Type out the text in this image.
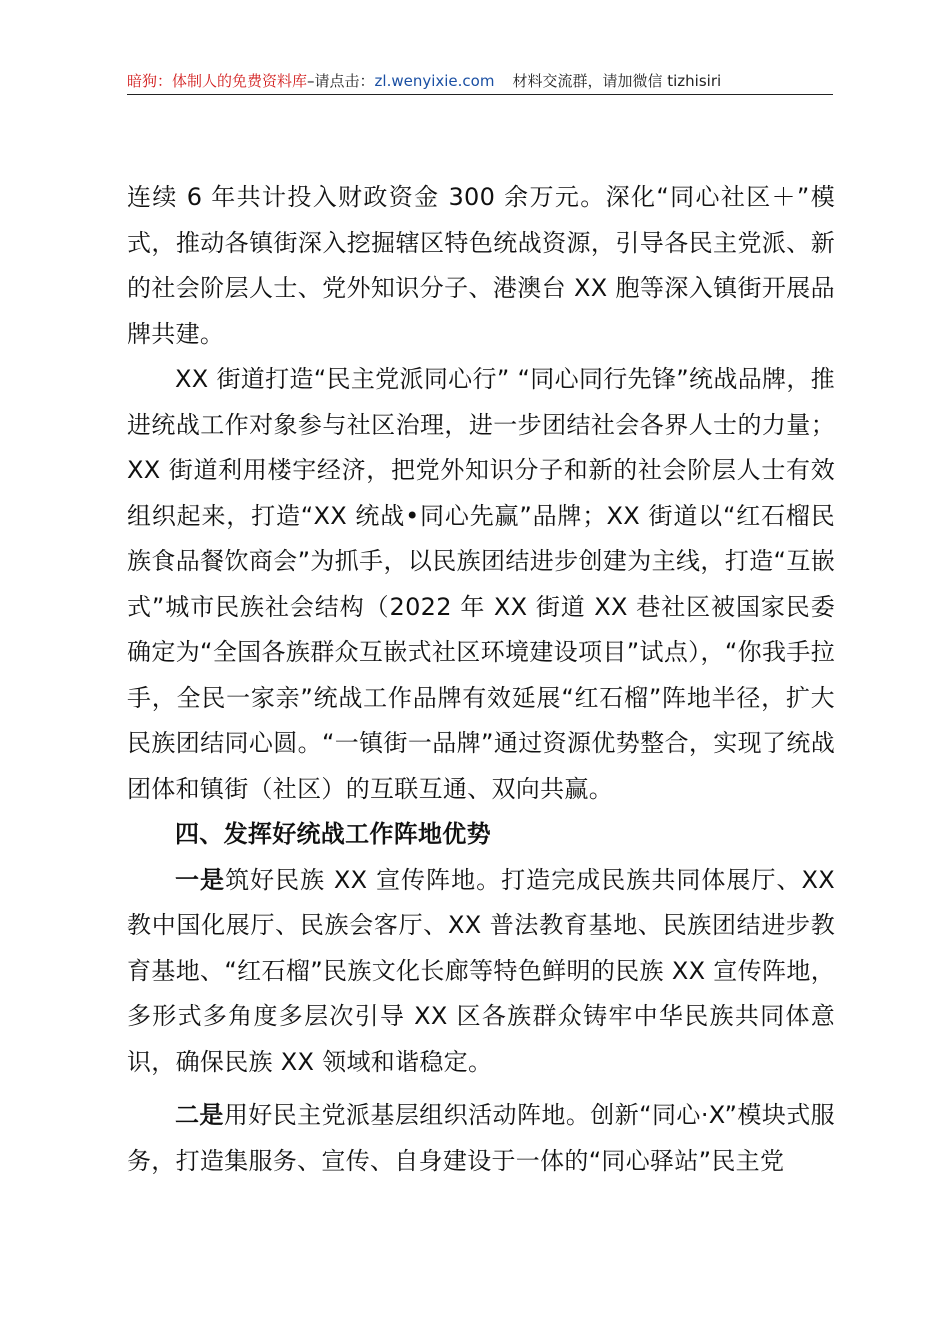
暗狗：体制人的免费资料库–请点击：zl.wenyixie.com 材料交流群，请加微信 tizhisiri

连续 6 年共计投入财政资金 300 余万元。深化“同心社区＋”模式，推动各镇街深入挖掘辖区特色统战资源，引导各民主党派、新的社会阶层人士、党外知识分子、港澳台 XX 胞等深入镇街开展品牌共建。

XX 街道打造“民主党派同心行” “同心同行先锋”统战品牌，推进统战工作对象参与社区治理，进一步团结社会各界人士的力量；XX 街道利用楼宇经济，把党外知识分子和新的社会阶层人士有效组织起来，打造“XX 统战•同心先赢”品牌；XX 街道以“红石榴民族食品餐饮商会”为抓手，以民族团结进步创建为主线，打造“互嵌式”城市民族社会结构（2022 年 XX 街道 XX 巷社区被国家民委确定为“全国各族群众互嵌式社区环境建设项目”试点），“你我手拉手，全民一家亲”统战工作品牌有效延展“红石榴”阵地半径，扩大民族团结同心圆。“一镇街一品牌”通过资源优势整合，实现了统战团体和镇街（社区）的互联互通、双向共赢。

四、发挥好统战工作阵地优势

一是筑好民族 XX 宣传阵地。打造完成民族共同体展厅、XX 教中国化展厅、民族会客厅、XX 普法教育基地、民族团结进步教育基地、“红石榴”民族文化长廊等特色鲜明的民族 XX 宣传阵地，多形式多角度多层次引导 XX 区各族群众铸牢中华民族共同体意识，确保民族 XX 领域和谐稳定。

二是用好民主党派基层组织活动阵地。创新“同心·X”模块式服务，打造集服务、宣传、自身建设于一体的“同心驿站”民主党
